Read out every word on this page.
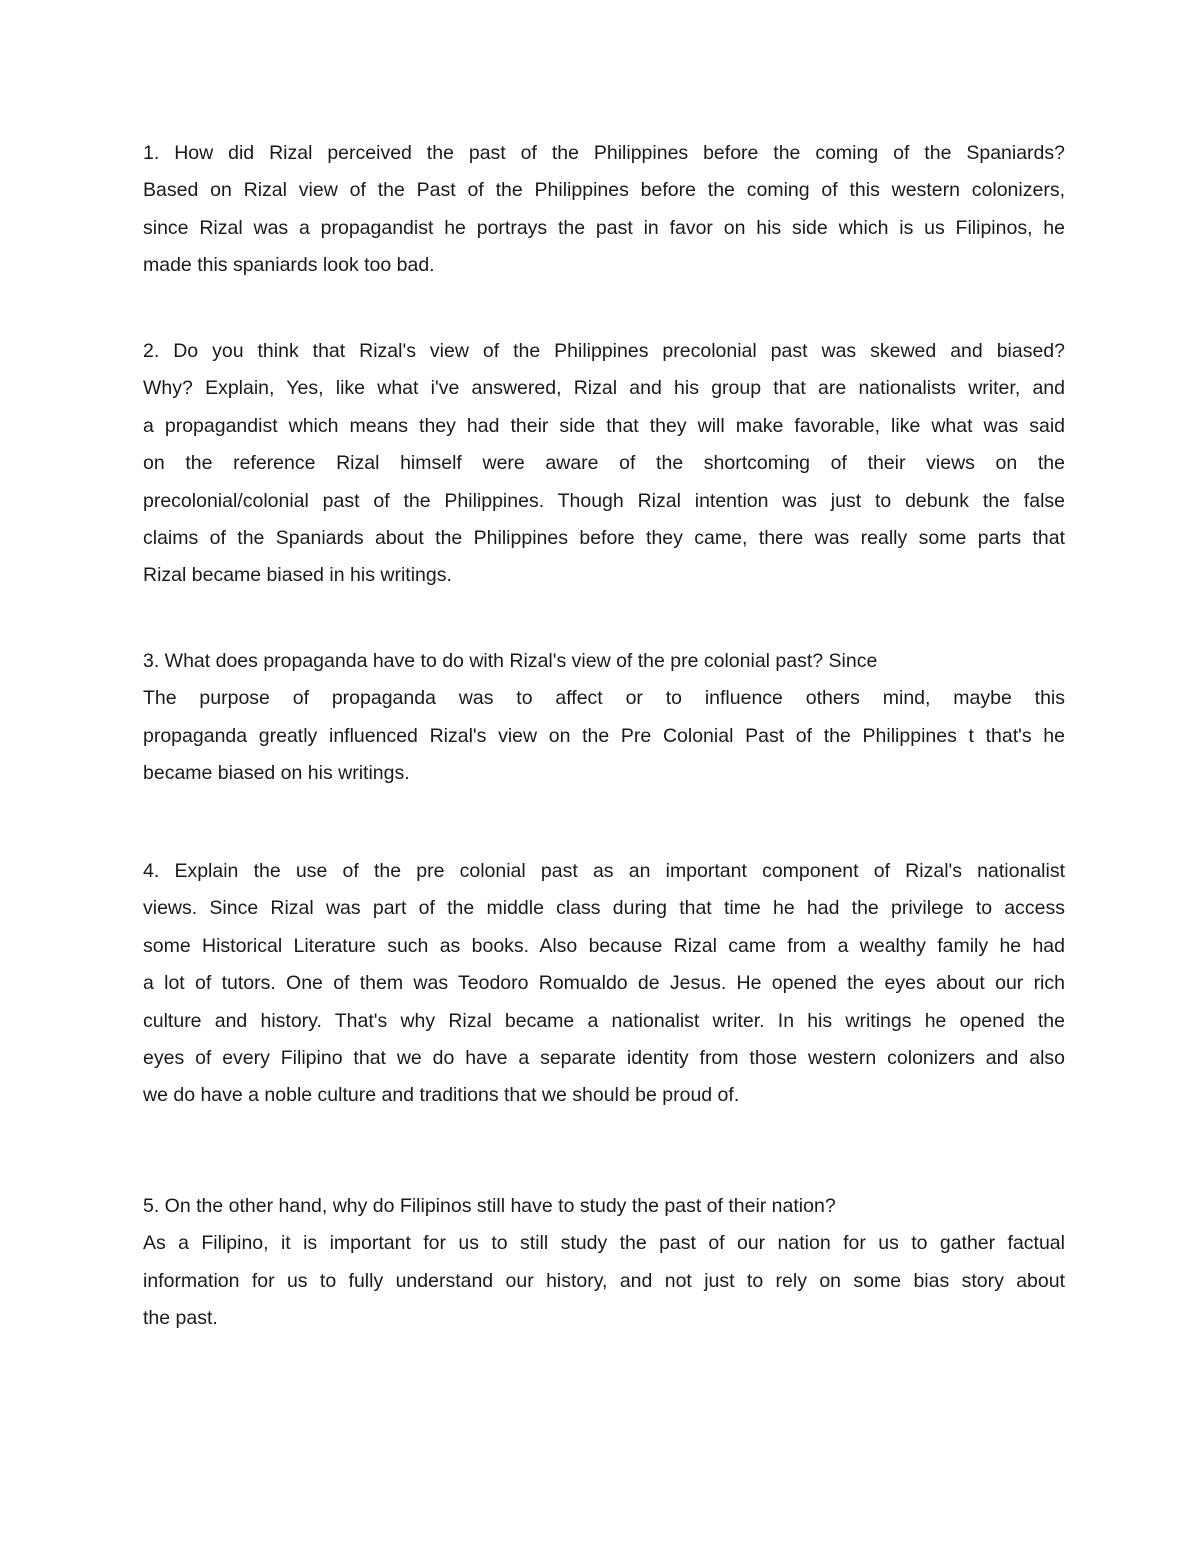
1. How did Rizal perceived the past of the Philippines before the coming of the Spaniards?
Based on Rizal view of the Past of the Philippines before the coming of this western colonizers,
since Rizal was a propagandist he portrays the past in favor on his side which is us Filipinos, he
made this spaniards look too bad.
2. Do you think that Rizal's view of the Philippines precolonial past was skewed and biased?
Why? Explain, Yes, like what i've answered, Rizal and his group that are nationalists writer, and
a propagandist which means they had their side that they will make favorable, like what was said
on the reference Rizal himself were aware of the shortcoming of their views on the
precolonial/colonial past of the Philippines. Though Rizal intention was just to debunk the false
claims of the Spaniards about the Philippines before they came, there was really some parts that
Rizal became biased in his writings.
3. What does propaganda have to do with Rizal's view of the pre colonial past? Since
The purpose of propaganda was to affect or to influence others mind, maybe this
propaganda greatly influenced Rizal's view on the Pre Colonial Past of the Philippines t that's he
became biased on his writings.
4. Explain the use of the pre colonial past as an important component of Rizal's nationalist
views. Since Rizal was part of the middle class during that time he had the privilege to access
some Historical Literature such as books. Also because Rizal came from a wealthy family he had
a lot of tutors. One of them was Teodoro Romualdo de Jesus. He opened the eyes about our rich
culture and history. That's why Rizal became a nationalist writer. In his writings he opened the
eyes of every Filipino that we do have a separate identity from those western colonizers and also
we do have a noble culture and traditions that we should be proud of.
5. On the other hand, why do Filipinos still have to study the past of their nation?
As a Filipino, it is important for us to still study the past of our nation for us to gather factual
information for us to fully understand our history, and not just to rely on some bias story about
the past.
